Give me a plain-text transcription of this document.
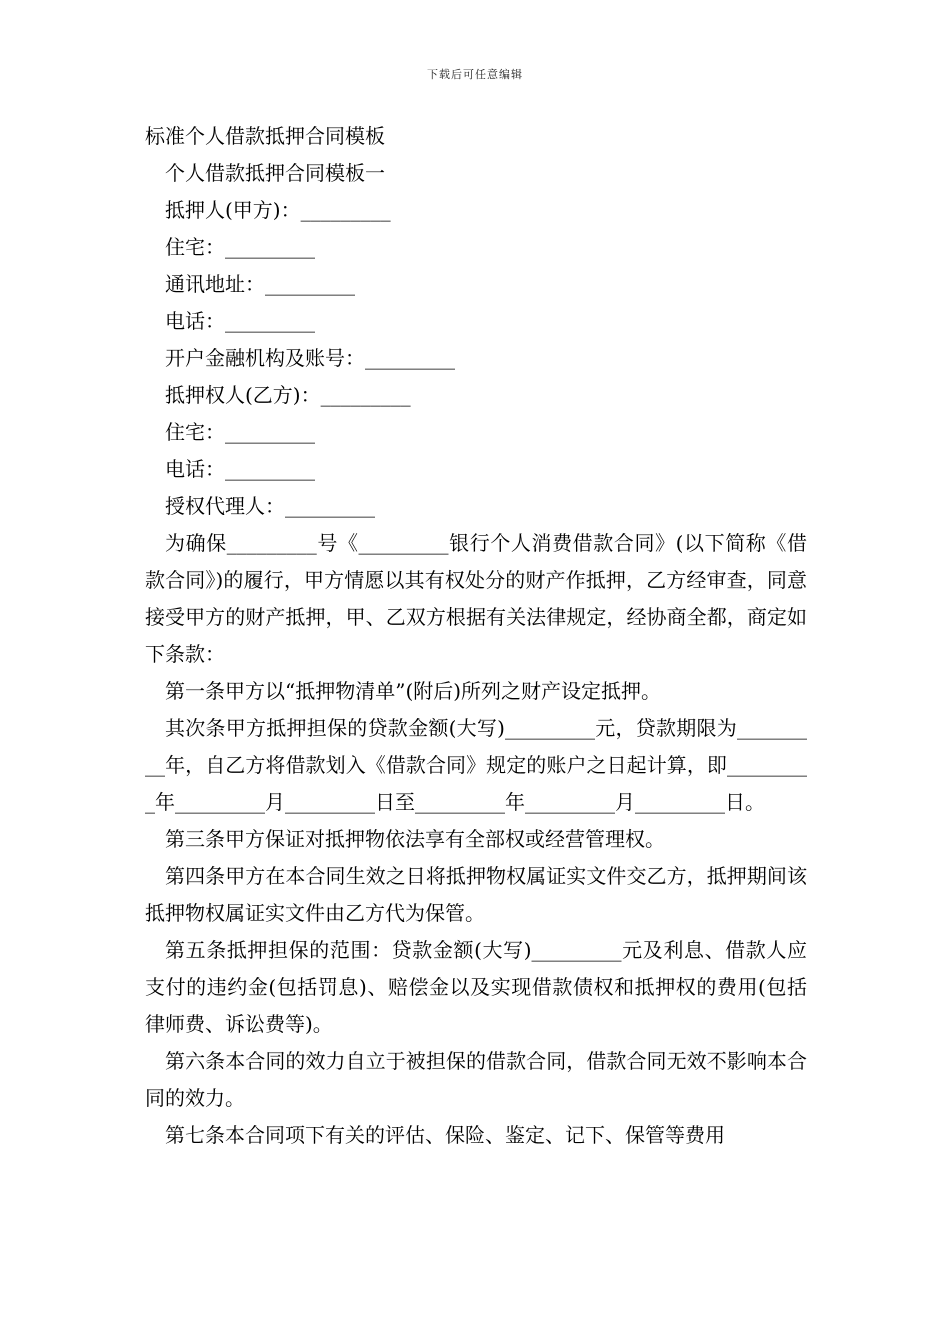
下载后可任意编辑
标准个人借款抵押合同模板
个人借款抵押合同模板一
抵押人(甲方)：_________
住宅：_________
通讯地址：_________
电话：_________
开户金融机构及账号：_________
抵押权人(乙方)：_________
住宅：_________
电话：_________
授权代理人：_________
为确保_________号《_________银行个人消费借款合同》(以下简称《借款合同》)的履行，甲方情愿以其有权处分的财产作抵押，乙方经审查，同意接受甲方的财产抵押，甲、乙双方根据有关法律规定，经协商全都，商定如下条款：
第一条甲方以“抵押物清单”(附后)所列之财产设定抵押。
其次条甲方抵押担保的贷款金额(大写)_________元，贷款期限为_________年，自乙方将借款划入《借款合同》规定的账户之日起计算，即_________年_________月_________日至_________年_________月_________日。
第三条甲方保证对抵押物依法享有全部权或经营管理权。
第四条甲方在本合同生效之日将抵押物权属证实文件交乙方，抵押期间该抵押物权属证实文件由乙方代为保管。
第五条抵押担保的范围：贷款金额(大写)_________元及利息、借款人应支付的违约金(包括罚息)、赔偿金以及实现借款债权和抵押权的费用(包括律师费、诉讼费等)。
第六条本合同的效力自立于被担保的借款合同，借款合同无效不影响本合同的效力。
第七条本合同项下有关的评估、保险、鉴定、记下、保管等费用
